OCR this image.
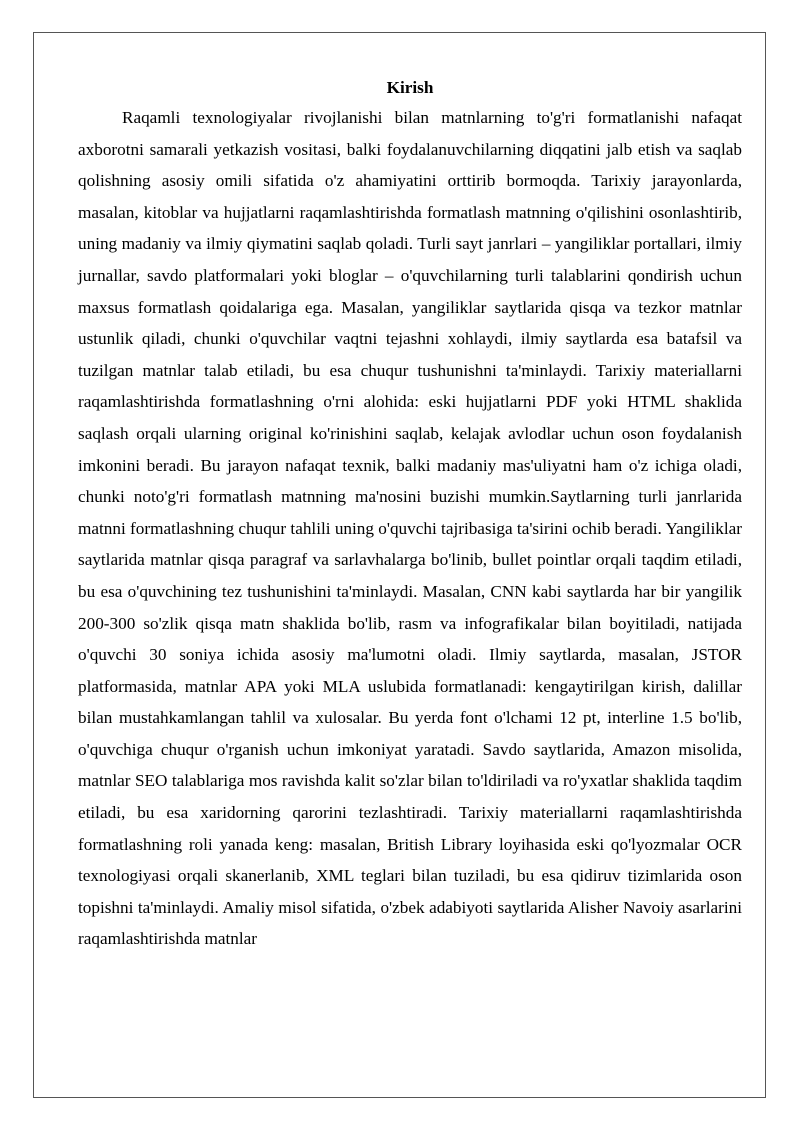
Kirish

Raqamli texnologiyalar rivojlanishi bilan matnlarning to'g'ri formatlanishi nafaqat axborotni samarali yetkazish vositasi, balki foydalanuvchilarning diqqatini jalb etish va saqlab qolishning asosiy omili sifatida o'z ahamiyatini orttirib bormoqda. Tarixiy jarayonlarda, masalan, kitoblar va hujjatlarni raqamlashtirishda formatlash matnning o'qilishini osonlashtirib, uning madaniy va ilmiy qiymatini saqlab qoladi. Turli sayt janrlari – yangiliklar portallari, ilmiy jurnallar, savdo platformalari yoki bloglar – o'quvchilarning turli talablarini qondirish uchun maxsus formatlash qoidalariga ega. Masalan, yangiliklar saytlarida qisqa va tezkor matnlar ustunlik qiladi, chunki o'quvchilar vaqtni tejashni xohlaydi, ilmiy saytlarda esa batafsil va tuzilgan matnlar talab etiladi, bu esa chuqur tushunishni ta'minlaydi. Tarixiy materiallarni raqamlashtirishda formatlashning o'rni alohida: eski hujjatlarni PDF yoki HTML shaklida saqlash orqali ularning original ko'rinishini saqlab, kelajak avlodlar uchun oson foydalanish imkonini beradi. Bu jarayon nafaqat texnik, balki madaniy mas'uliyatni ham o'z ichiga oladi, chunki noto'g'ri formatlash matnning ma'nosini buzishi mumkin.Saytlarning turli janrlarida matnni formatlashning chuqur tahlili uning o'quvchi tajribasiga ta'sirini ochib beradi. Yangiliklar saytlarida matnlar qisqa paragraf va sarlavhalarga bo'linib, bullet pointlar orqali taqdim etiladi, bu esa o'quvchining tez tushunishini ta'minlaydi. Masalan, CNN kabi saytlarda har bir yangilik 200-300 so'zlik qisqa matn shaklida bo'lib, rasm va infografikalar bilan boyitiladi, natijada o'quvchi 30 soniya ichida asosiy ma'lumotni oladi. Ilmiy saytlarda, masalan, JSTOR platformasida, matnlar APA yoki MLA uslubida formatlanadi: kengaytirilgan kirish, dalillar bilan mustahkamlangan tahlil va xulosalar. Bu yerda font o'lchami 12 pt, interline 1.5 bo'lib, o'quvchiga chuqur o'rganish uchun imkoniyat yaratadi. Savdo saytlarida, Amazon misolida, matnlar SEO talablariga mos ravishda kalit so'zlar bilan to'ldiriladi va ro'yxatlar shaklida taqdim etiladi, bu esa xaridorning qarorini tezlashtiradi. Tarixiy materiallarni raqamlashtirishda formatlashning roli yanada keng: masalan, British Library loyihasida eski qo'lyozmalar OCR texnologiyasi orqali skanerlanib, XML teglari bilan tuziladi, bu esa qidiruv tizimlarida oson topishni ta'minlaydi. Amaliy misol sifatida, o'zbek adabiyoti saytlarida Alisher Navoiy asarlarini raqamlashtirishda matnlar
